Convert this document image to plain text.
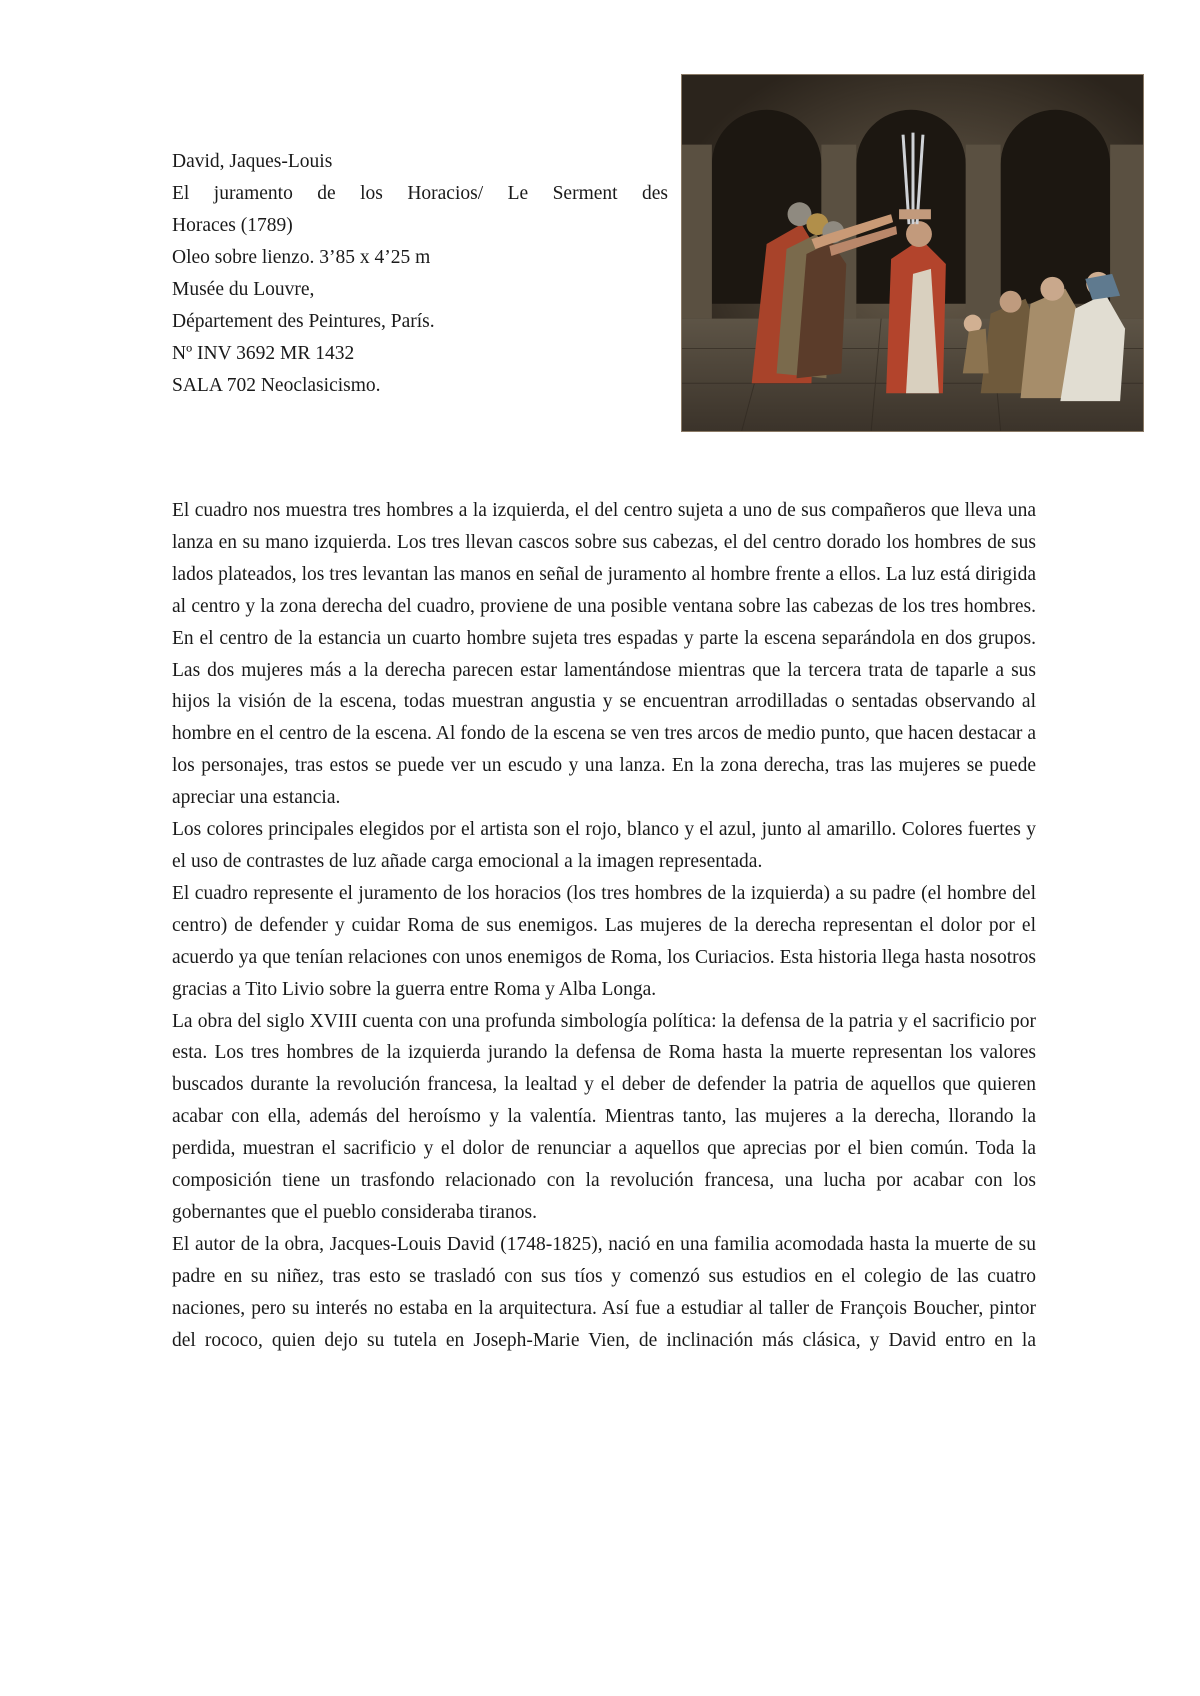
David, Jaques-Louis
El juramento de los Horacios/ Le Serment des
Horaces (1789)
Oleo sobre lienzo. 3’85 x 4’25 m
Musée du Louvre,
Département des Peintures, París.
Nº INV 3692 MR 1432
SALA 702 Neoclasicismo.

El cuadro nos muestra tres hombres a la izquierda, el del centro sujeta a uno de sus compañeros que lleva una lanza en su mano izquierda. Los tres llevan cascos sobre sus cabezas, el del centro dorado los hombres de sus lados plateados, los tres levantan las manos en señal de juramento al hombre frente a ellos. La luz está dirigida al centro y la zona derecha del cuadro, proviene de una posible ventana sobre las cabezas de los tres hombres. En el centro de la estancia un cuarto hombre sujeta tres espadas y parte la escena separándola en dos grupos. Las dos mujeres más a la derecha parecen estar lamentándose mientras que la tercera trata de taparle a sus hijos la visión de la escena, todas muestran angustia y se encuentran arrodilladas o sentadas observando al hombre en el centro de la escena. Al fondo de la escena se ven tres arcos de medio punto, que hacen destacar a los personajes, tras estos se puede ver un escudo y una lanza. En la zona derecha, tras las mujeres se puede apreciar una estancia.

Los colores principales elegidos por el artista son el rojo, blanco y el azul, junto al amarillo. Colores fuertes y el uso de contrastes de luz añade carga emocional a la imagen representada.

El cuadro represente el juramento de los horacios (los tres hombres de la izquierda) a su padre (el hombre del centro) de defender y cuidar Roma de sus enemigos. Las mujeres de la derecha representan el dolor por el acuerdo ya que tenían relaciones con unos enemigos de Roma, los Curiacios. Esta historia llega hasta nosotros gracias a Tito Livio sobre la guerra entre Roma y Alba Longa.

La obra del siglo XVIII cuenta con una profunda simbología política: la defensa de la patria y el sacrificio por esta. Los tres hombres de la izquierda jurando la defensa de Roma hasta la muerte representan los valores buscados durante la revolución francesa, la lealtad y el deber de defender la patria de aquellos que quieren acabar con ella, además del heroísmo y la valentía. Mientras tanto, las mujeres a la derecha, llorando la perdida, muestran el sacrificio y el dolor de renunciar a aquellos que aprecias por el bien común. Toda la composición tiene un trasfondo relacionado con la revolución francesa, una lucha por acabar con los gobernantes que el pueblo consideraba tiranos.

El autor de la obra, Jacques-Louis David (1748-1825), nació en una familia acomodada hasta la muerte de su padre en su niñez, tras esto se trasladó con sus tíos y comenzó sus estudios en el colegio de las cuatro naciones, pero su interés no estaba en la arquitectura. Así fue a estudiar al taller de François Boucher, pintor del rococo, quien dejo su tutela en Joseph-Marie Vien, de inclinación más clásica, y David entro en la
